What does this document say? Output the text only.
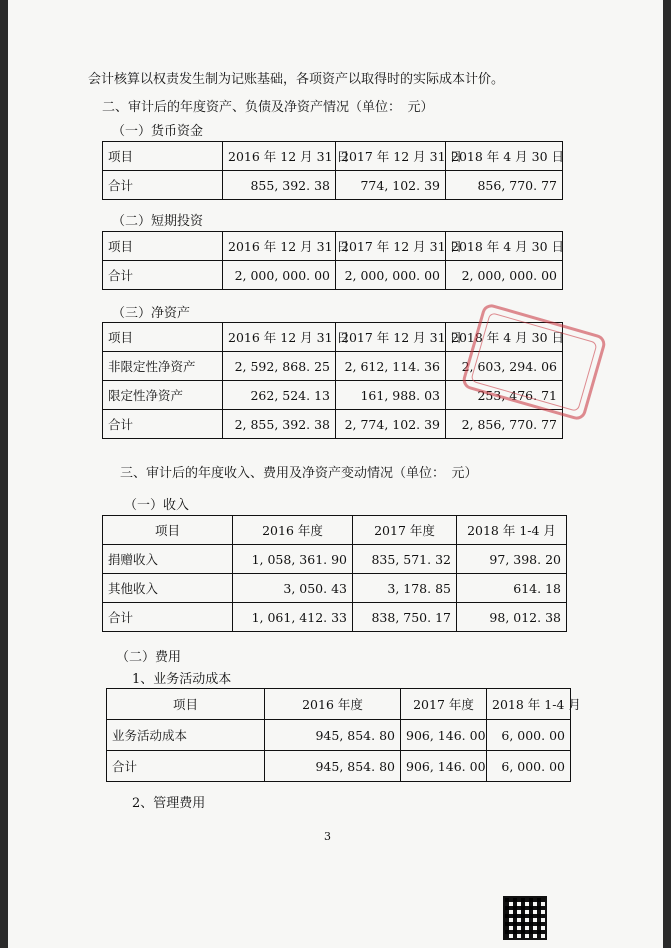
会计核算以权责发生制为记账基础，各项资产以取得时的实际成本计价。
二、审计后的年度资产、负债及净资产情况（单位：　元）
（一）货币资金
项目	2016 年 12 月 31 日	2017 年 12 月 31 日	2018 年 4 月 30 日
合计	855, 392. 38	774, 102. 39	856, 770. 77
（二）短期投资
项目	2016 年 12 月 31 日	2017 年 12 月 31 日	2018 年 4 月 30 日
合计	2, 000, 000. 00	2, 000, 000. 00	2, 000, 000. 00
（三）净资产
项目	2016 年 12 月 31 日	2017 年 12 月 31 日	2018 年 4 月 30 日
非限定性净资产	2, 592, 868. 25	2, 612, 114. 36	2, 603, 294. 06
限定性净资产	262, 524. 13	161, 988. 03	253, 476. 71
合计	2, 855, 392. 38	2, 774, 102. 39	2, 856, 770. 77
三、审计后的年度收入、费用及净资产变动情况（单位：　元）
（一）收入
项目	2016 年度	2017 年度	2018 年 1-4 月
捐赠收入	1, 058, 361. 90	835, 571. 32	97, 398. 20
其他收入	3, 050. 43	3, 178. 85	614. 18
合计	1, 061, 412. 33	838, 750. 17	98, 012. 38
（二）费用
1、业务活动成本
项目	2016 年度	2017 年度	2018 年 1-4 月
业务活动成本	945, 854. 80	906, 146. 00	6, 000. 00
合计	945, 854. 80	906, 146. 00	6, 000. 00
2、管理费用
3
